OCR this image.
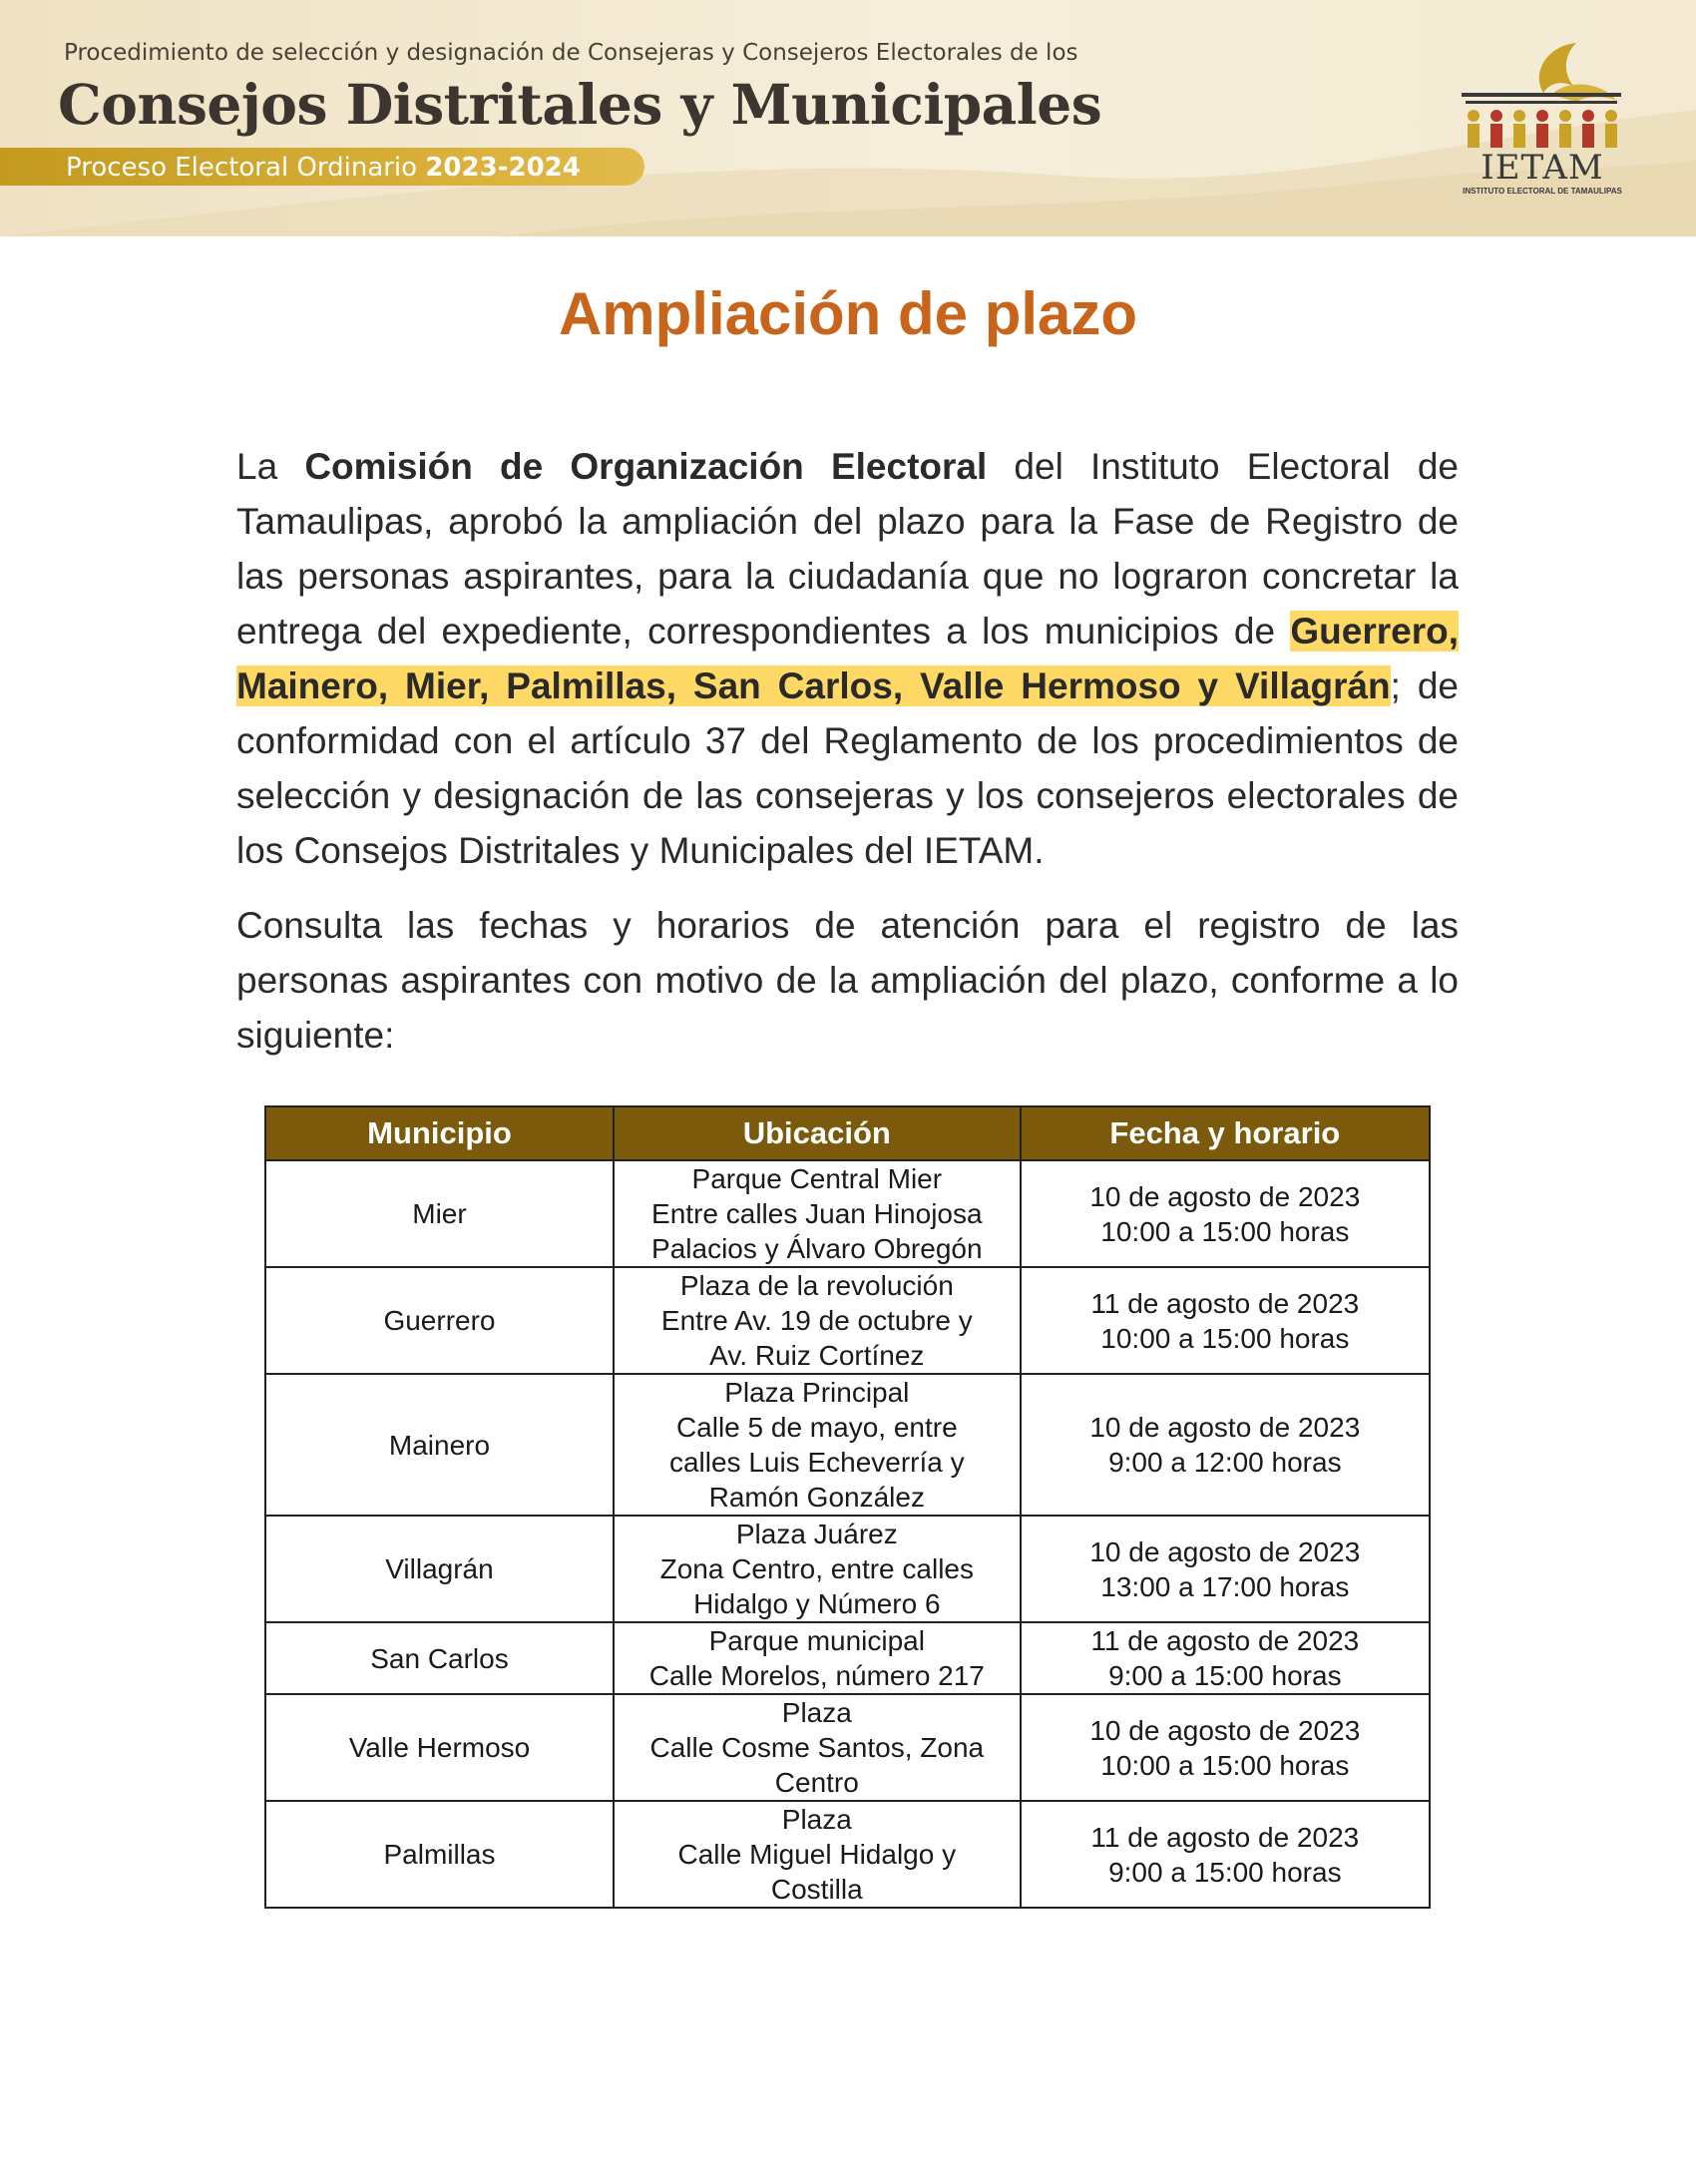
Procedimiento de selección y designación de Consejeras y Consejeros Electorales de los
Consejos Distritales y Municipales
Proceso Electoral Ordinario 2023-2024	IETAM
INSTITUTO ELECTORAL DE TAMAULIPAS
Ampliación de plazo

La Comisión de Organización Electoral del Instituto Electoral de Tamaulipas, aprobó la ampliación del plazo para la Fase de Registro de las personas aspirantes, para la ciudadanía que no lograron concretar la entrega del expediente, correspondientes a los municipios de Guerrero, Mainero, Mier, Palmillas, San Carlos, Valle Hermoso y Villagrán; de conformidad con el artículo 37 del Reglamento de los procedimientos de selección y designación de las consejeras y los consejeros electorales de los Consejos Distritales y Municipales del IETAM.

Consulta las fechas y horarios de atención para el registro de las personas aspirantes con motivo de la ampliación del plazo, conforme a lo siguiente:

Municipio	Ubicación	Fecha y horario
Mier	Parque Central Mier
Entre calles Juan Hinojosa
Palacios y Álvaro Obregón	10 de agosto de 2023
10:00 a 15:00 horas

Guerrero	Plaza de la revolución
Entre Av. 19 de octubre y
Av. Ruiz Cortínez	11 de agosto de 2023
10:00 a 15:00 horas

Mainero	Plaza Principal
Calle 5 de mayo, entre
calles Luis Echeverría y
Ramón González	10 de agosto de 2023
9:00 a 12:00 horas

Villagrán	Plaza Juárez
Zona Centro, entre calles
Hidalgo y Número 6	10 de agosto de 2023
13:00 a 17:00 horas

San Carlos	Parque municipal
Calle Morelos, número 217	11 de agosto de 2023
9:00 a 15:00 horas

Valle Hermoso	Plaza
Calle Cosme Santos, Zona
Centro	10 de agosto de 2023
10:00 a 15:00 horas

Palmillas	Plaza
Calle Miguel Hidalgo y
Costilla	11 de agosto de 2023
9:00 a 15:00 horas
